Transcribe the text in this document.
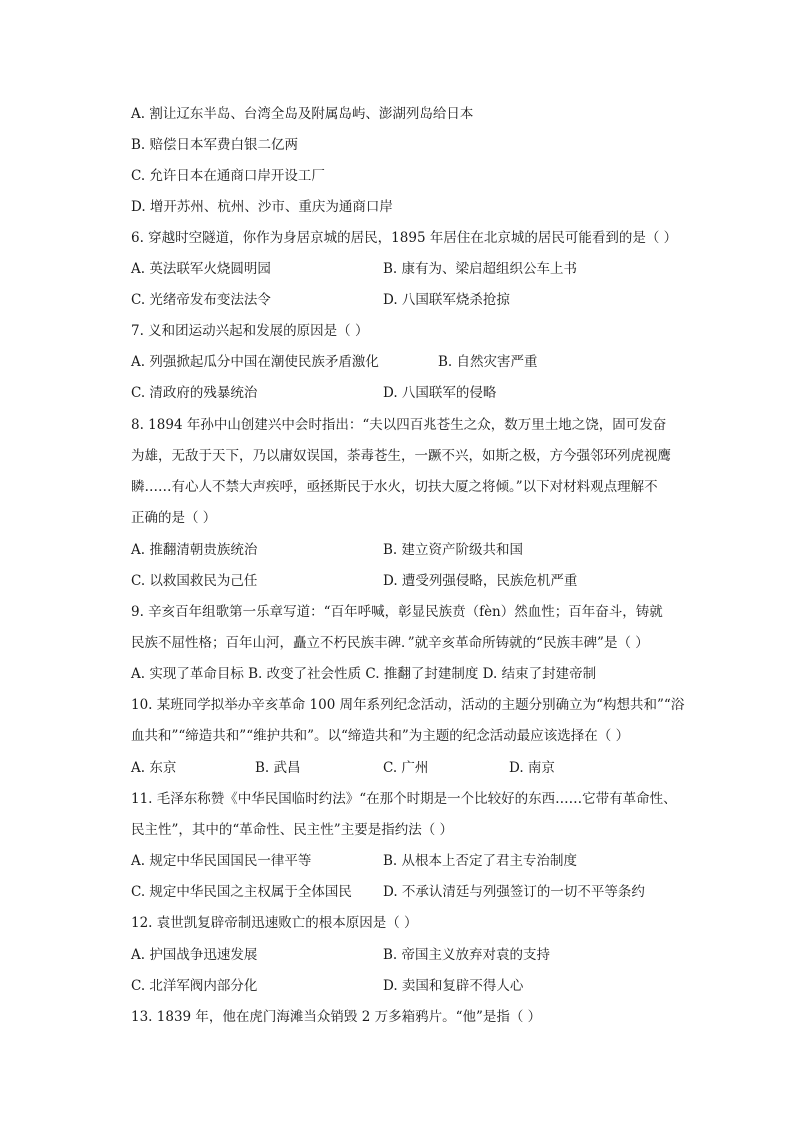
A. 割让辽东半岛、台湾全岛及附属岛屿、澎湖列岛给日本
B. 赔偿日本军费白银二亿两
C. 允许日本在通商口岸开设工厂
D. 增开苏州、杭州、沙市、重庆为通商口岸
6. 穿越时空隧道，你作为身居京城的居民，1895 年居住在北京城的居民可能看到的是（ ）
A. 英法联军火烧圆明园	B. 康有为、梁启超组织公车上书
C. 光绪帝发布变法法令	D. 八国联军烧杀抢掠
7. 义和团运动兴起和发展的原因是（ ）
A. 列强掀起瓜分中国在潮使民族矛盾激化	B. 自然灾害严重
C. 清政府的残暴统治	D. 八国联军的侵略
8. 1894 年孙中山创建兴中会时指出：“夫以四百兆苍生之众，数万里土地之饶，固可发奋
为雄，无敌于天下，乃以庸奴误国，荼毒苍生，一蹶不兴，如斯之极，方今强邻环列虎视鹰
瞵……有心人不禁大声疾呼，亟拯斯民于水火，切扶大厦之将倾。”以下对材料观点理解不
正确的是（ ）
A. 推翻清朝贵族统治	B. 建立资产阶级共和国
C. 以救国救民为己任	D. 遭受列强侵略，民族危机严重
9. 辛亥百年组歌第一乐章写道：“百年呼喊，彰显民族贲（fèn）然血性；百年奋斗，铸就
民族不屈性格；百年山河，矗立不朽民族丰碑．”就辛亥革命所铸就的“民族丰碑”是（ ）
A. 实现了革命目标 B. 改变了社会性质 C. 推翻了封建制度 D. 结束了封建帝制
10. 某班同学拟举办辛亥革命 100 周年系列纪念活动，活动的主题分别确立为“构想共和”“浴
血共和”“缔造共和”“维护共和”。以“缔造共和”为主题的纪念活动最应该选择在（ ）
A. 东京	B. 武昌	C. 广州	D. 南京
11. 毛泽东称赞《中华民国临时约法》“在那个时期是一个比较好的东西……它带有革命性、
民主性”，其中的“革命性、民主性”主要是指约法（ ）
A. 规定中华民国国民一律平等	B. 从根本上否定了君主专治制度
C. 规定中华民国之主权属于全体国民 D. 不承认清廷与列强签订的一切不平等条约
12. 袁世凯复辟帝制迅速败亡的根本原因是（ ）
A. 护国战争迅速发展	B. 帝国主义放弃对袁的支持
C. 北洋军阀内部分化	D. 卖国和复辟不得人心
13. 1839 年，他在虎门海滩当众销毁 2 万多箱鸦片。“他”是指（ ）
